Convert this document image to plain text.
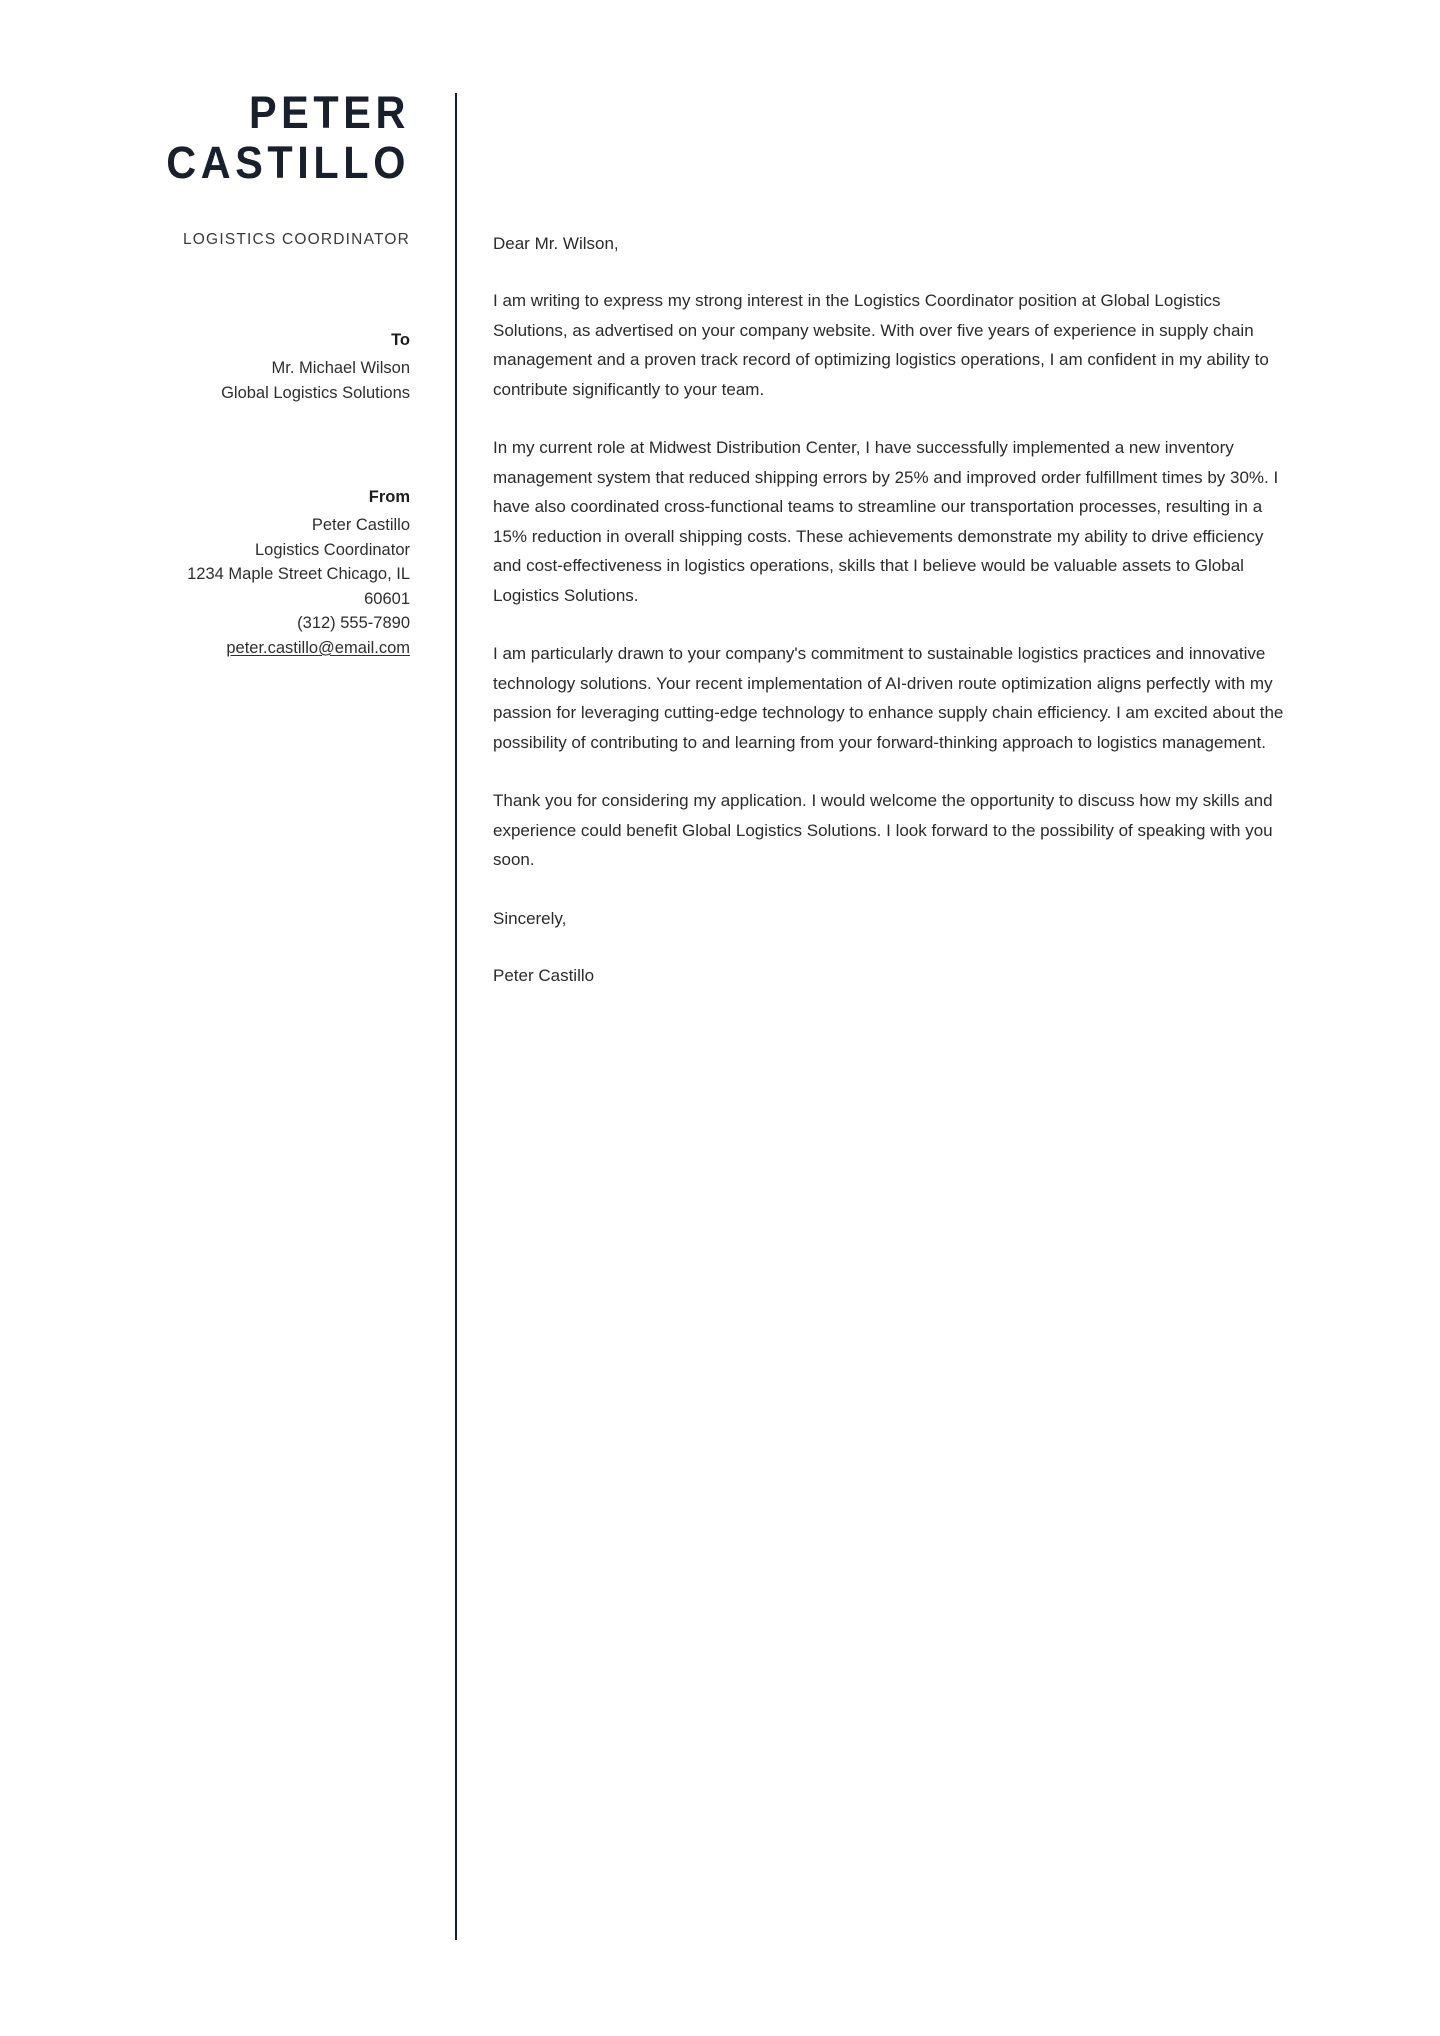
PETER
CASTILLO
LOGISTICS COORDINATOR
To
Mr. Michael Wilson
Global Logistics Solutions
From
Peter Castillo
Logistics Coordinator
1234 Maple Street Chicago, IL
60601
(312) 555-7890
peter.castillo@email.com

Dear Mr. Wilson,

I am writing to express my strong interest in the Logistics Coordinator position at Global Logistics Solutions, as advertised on your company website. With over five years of experience in supply chain management and a proven track record of optimizing logistics operations, I am confident in my ability to contribute significantly to your team.

In my current role at Midwest Distribution Center, I have successfully implemented a new inventory management system that reduced shipping errors by 25% and improved order fulfillment times by 30%. I have also coordinated cross-functional teams to streamline our transportation processes, resulting in a 15% reduction in overall shipping costs. These achievements demonstrate my ability to drive efficiency and cost-effectiveness in logistics operations, skills that I believe would be valuable assets to Global Logistics Solutions.

I am particularly drawn to your company's commitment to sustainable logistics practices and innovative technology solutions. Your recent implementation of AI-driven route optimization aligns perfectly with my passion for leveraging cutting-edge technology to enhance supply chain efficiency. I am excited about the possibility of contributing to and learning from your forward-thinking approach to logistics management.

Thank you for considering my application. I would welcome the opportunity to discuss how my skills and experience could benefit Global Logistics Solutions. I look forward to the possibility of speaking with you soon.

Sincerely,

Peter Castillo
